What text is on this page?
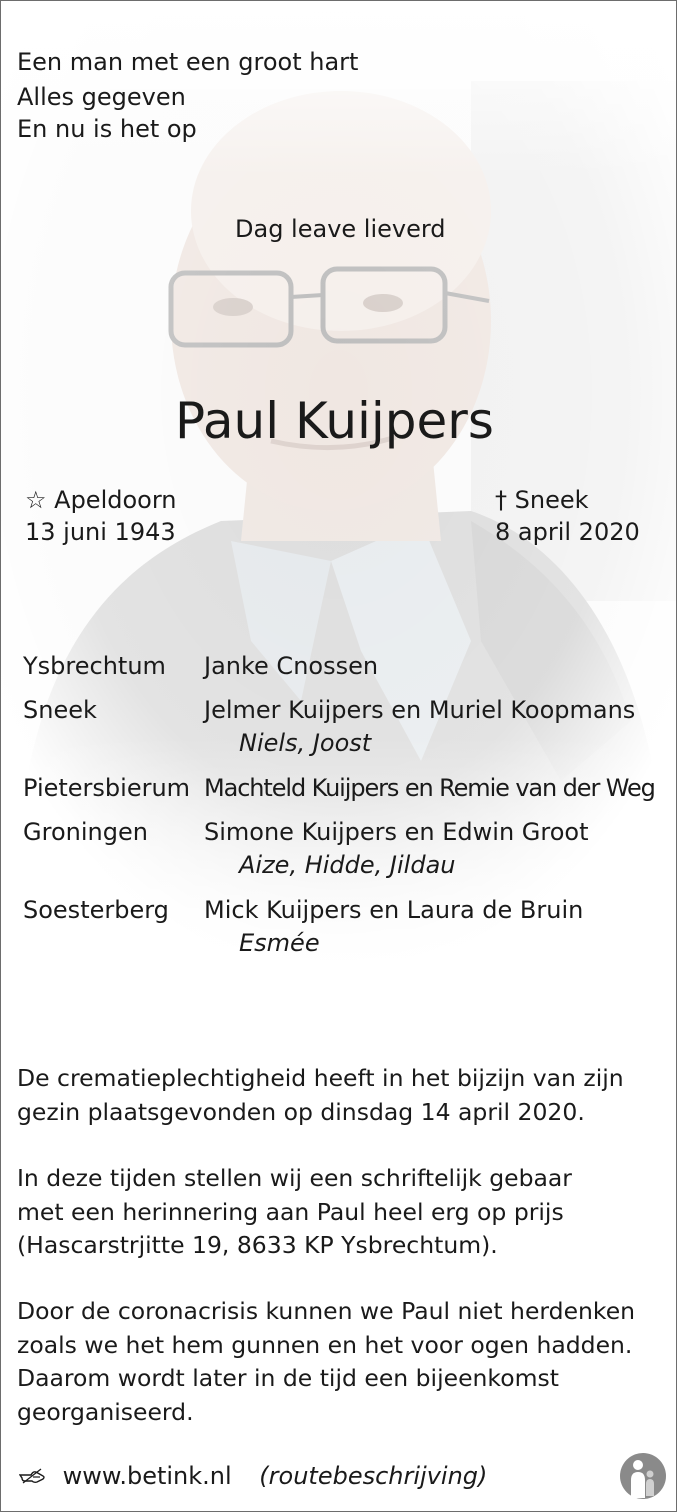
Een man met een groot hart
Alles gegeven
En nu is het op
Dag leave lieverd
Paul Kuijpers
☆ Apeldoorn
13 juni 1943
† Sneek
8 april 2020
Ysbrechtum Janke Cnossen
Sneek	Jelmer Kuijpers en Muriel Koopmans
Niels, Joost
Pietersbierum Machteld Kuijpers en Remie van der Weg
Groningen Simone Kuijpers en Edwin Groot
Aize, Hidde, Jildau
Soesterberg Mick Kuijpers en Laura de Bruin
Esmée
De crematieplechtigheid heeft in het bijzijn van zijn
gezin plaatsgevonden op dinsdag 14 april 2020.
In deze tijden stellen wij een schriftelijk gebaar
met een herinnering aan Paul heel erg op prijs
(Hascarstrjitte 19, 8633 KP Ysbrechtum).
Door de coronacrisis kunnen we Paul niet herdenken
zoals we het hem gunnen en het voor ogen hadden.
Daarom wordt later in de tijd een bijeenkomst
georganiseerd.
www.betink.nl (routebeschrijving)
